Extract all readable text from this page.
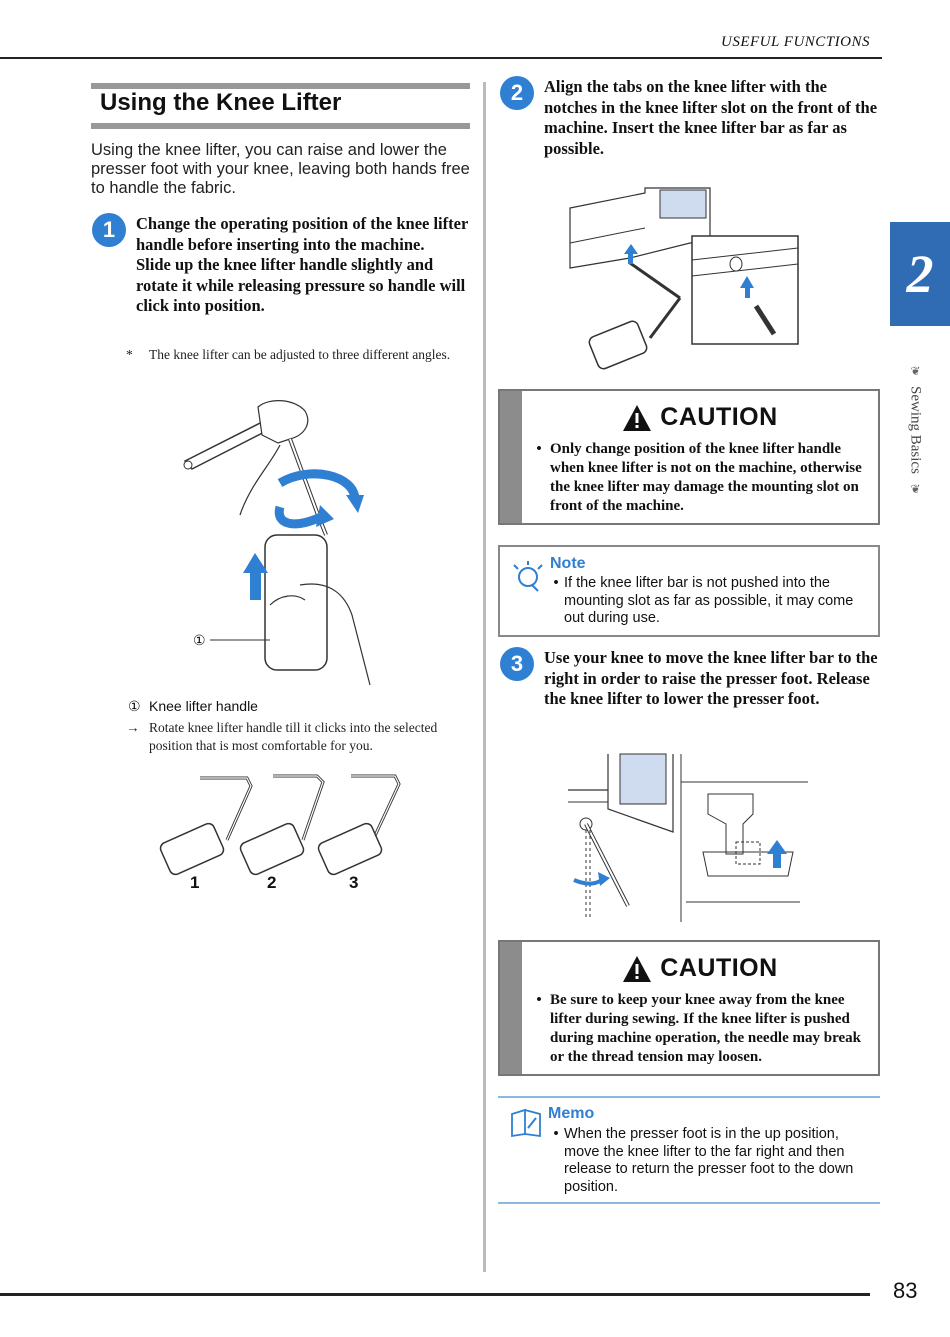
USEFUL FUNCTIONS
83
2
❦
Sewing Basics
❦
Using the Knee Lifter
Using the knee lifter, you can raise and lower the presser foot with your knee, leaving both hands free to handle the fabric.
1	Change the operating position of the knee lifter handle before inserting into the machine.
Slide up the knee lifter handle slightly and rotate it while releasing pressure so handle will click into position.
* The knee lifter can be adjusted to three different angles.
①
① Knee lifter handle
→ Rotate knee lifter handle till it clicks into the selected position that is most comfortable for you.
1	2	3
2	Align the tabs on the knee lifter with the notches in the knee lifter slot on the front of the machine. Insert the knee lifter bar as far as possible.
CAUTION
• Only change position of the knee lifter handle when knee lifter is not on the machine, otherwise the knee lifter may damage the mounting slot on front of the machine.
Note
• If the knee lifter bar is not pushed into the mounting slot as far as possible, it may come out during use.
3	Use your knee to move the knee lifter bar to the right in order to raise the presser foot. Release the knee lifter to lower the presser foot.
CAUTION
• Be sure to keep your knee away from the knee lifter during sewing. If the knee lifter is pushed during machine operation, the needle may break or the thread tension may loosen.
Memo
• When the presser foot is in the up position, move the knee lifter to the far right and then release to return the presser foot to the down position.
